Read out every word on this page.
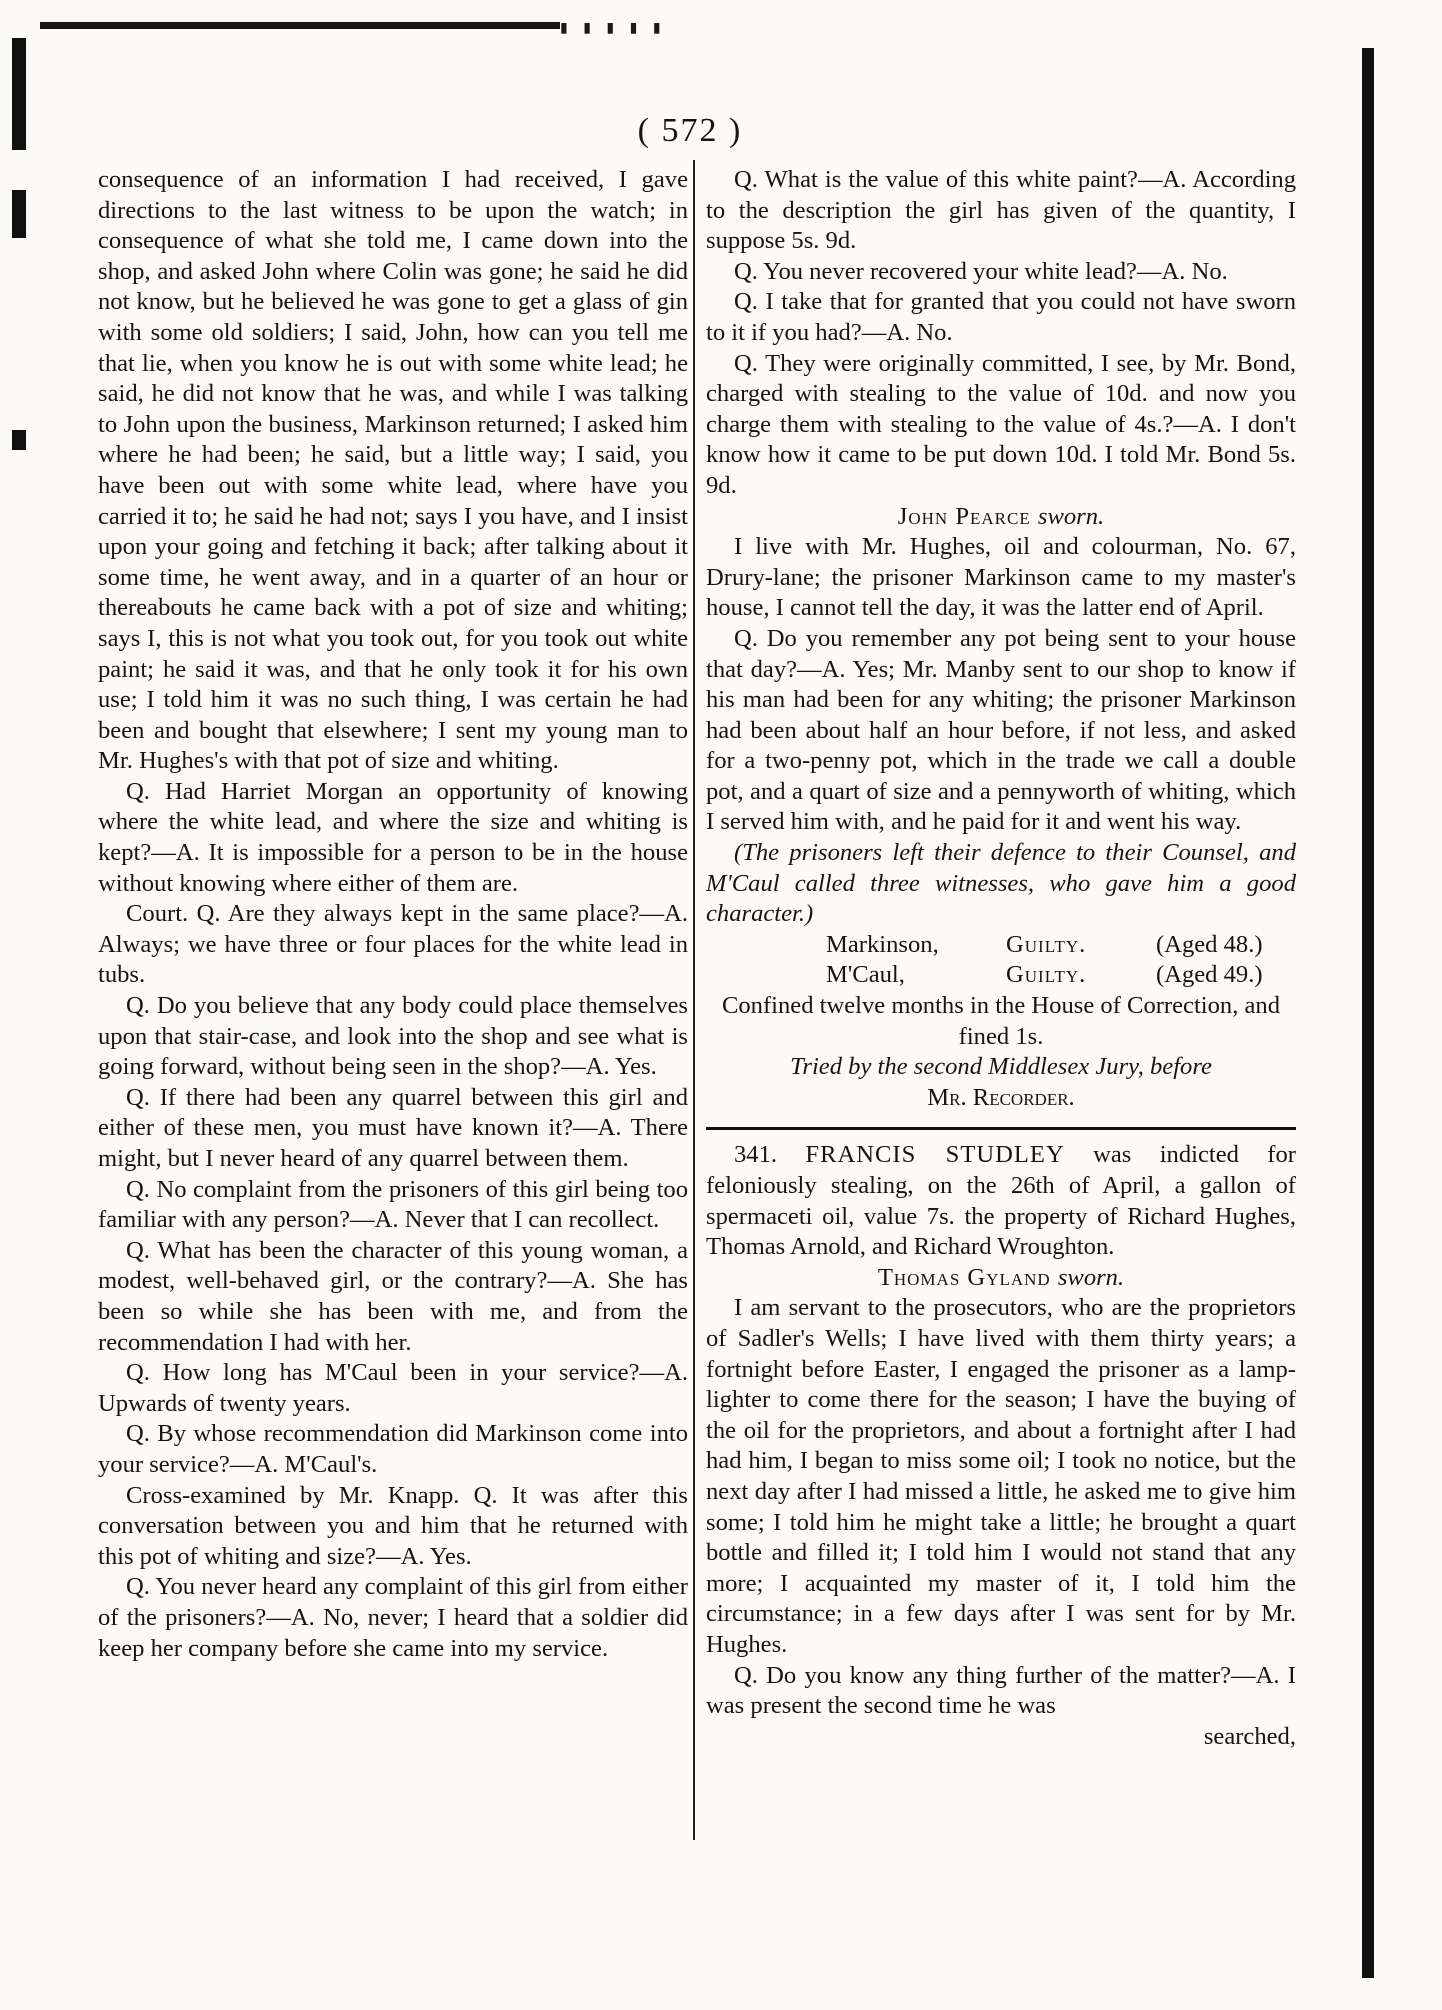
▮ ▮ ▮ ▮ ▮
( 572 )

consequence of an information I had received, I gave directions to the last witness to be upon the watch; in consequence of what she told me, I came down into the shop, and asked John where Colin was gone; he said he did not know, but he believed he was gone to get a glass of gin with some old soldiers; I said, John, how can you tell me that lie, when you know he is out with some white lead; he said, he did not know that he was, and while I was talking to John upon the business, Markinson returned; I asked him where he had been; he said, but a little way; I said, you have been out with some white lead, where have you carried it to; he said he had not; says I you have, and I insist upon your going and fetching it back; after talking about it some time, he went away, and in a quarter of an hour or thereabouts he came back with a pot of size and whiting; says I, this is not what you took out, for you took out white paint; he said it was, and that he only took it for his own use; I told him it was no such thing, I was certain he had been and bought that elsewhere; I sent my young man to Mr. Hughes's with that pot of size and whiting.

Q. Had Harriet Morgan an opportunity of knowing where the white lead, and where the size and whiting is kept?—A. It is impossible for a person to be in the house without knowing where either of them are.

Court. Q. Are they always kept in the same place?—A. Always; we have three or four places for the white lead in tubs.

Q. Do you believe that any body could place themselves upon that stair-case, and look into the shop and see what is going forward, without being seen in the shop?—A. Yes.

Q. If there had been any quarrel between this girl and either of these men, you must have known it?—A. There might, but I never heard of any quarrel between them.

Q. No complaint from the prisoners of this girl being too familiar with any person?—A. Never that I can recollect.

Q. What has been the character of this young woman, a modest, well-behaved girl, or the contrary?—A. She has been so while she has been with me, and from the recommendation I had with her.

Q. How long has M'Caul been in your service?—A. Upwards of twenty years.

Q. By whose recommendation did Markinson come into your service?—A. M'Caul's.

Cross-examined by Mr. Knapp. Q. It was after this conversation between you and him that he returned with this pot of whiting and size?—A. Yes.

Q. You never heard any complaint of this girl from either of the prisoners?—A. No, never; I heard that a soldier did keep her company before she came into my service.

Q. What is the value of this white paint?—A. According to the description the girl has given of the quantity, I suppose 5s. 9d.

Q. You never recovered your white lead?—A. No.

Q. I take that for granted that you could not have sworn to it if you had?—A. No.

Q. They were originally committed, I see, by Mr. Bond, charged with stealing to the value of 10d. and now you charge them with stealing to the value of 4s.?—A. I don't know how it came to be put down 10d. I told Mr. Bond 5s. 9d.

John Pearce sworn.

I live with Mr. Hughes, oil and colourman, No. 67, Drury-lane; the prisoner Markinson came to my master's house, I cannot tell the day, it was the latter end of April.

Q. Do you remember any pot being sent to your house that day?—A. Yes; Mr. Manby sent to our shop to know if his man had been for any whiting; the prisoner Markinson had been about half an hour before, if not less, and asked for a two-penny pot, which in the trade we call a double pot, and a quart of size and a pennyworth of whiting, which I served him with, and he paid for it and went his way.

(The prisoners left their defence to their Counsel, and M'Caul called three witnesses, who gave him a good character.)

Markinson,	Guilty.	(Aged 48.)
M'Caul,	Guilty.	(Aged 49.)

Confined twelve months in the House of Correction, and fined 1s.

Tried by the second Middlesex Jury, before

Mr. Recorder.

341. FRANCIS STUDLEY was indicted for feloniously stealing, on the 26th of April, a gallon of spermaceti oil, value 7s. the property of Richard Hughes, Thomas Arnold, and Richard Wroughton.

Thomas Gyland sworn.

I am servant to the prosecutors, who are the proprietors of Sadler's Wells; I have lived with them thirty years; a fortnight before Easter, I engaged the prisoner as a lamp-lighter to come there for the season; I have the buying of the oil for the proprietors, and about a fortnight after I had had him, I began to miss some oil; I took no notice, but the next day after I had missed a little, he asked me to give him some; I told him he might take a little; he brought a quart bottle and filled it; I told him I would not stand that any more; I acquainted my master of it, I told him the circumstance; in a few days after I was sent for by Mr. Hughes.

Q. Do you know any thing further of the matter?—A. I was present the second time he was

searched,
